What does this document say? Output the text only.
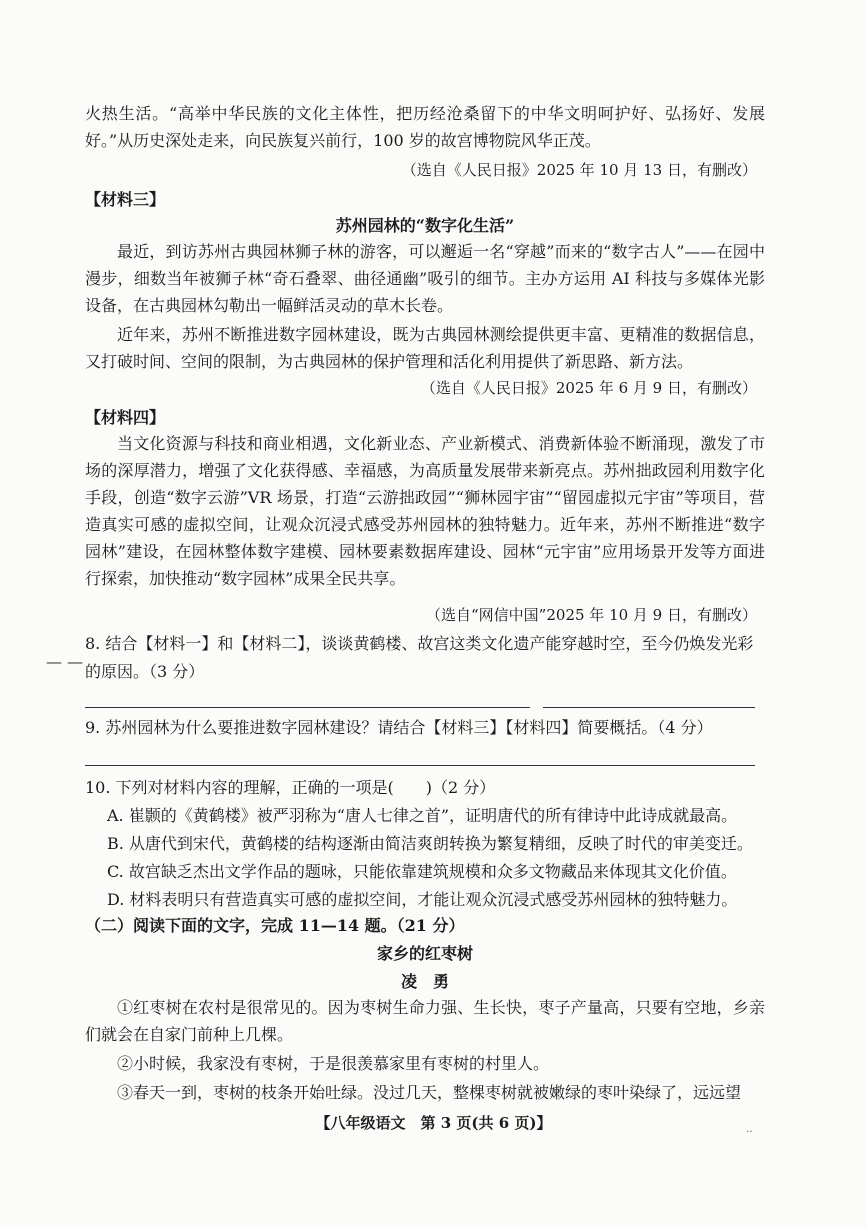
火热生活。“高举中华民族的文化主体性，把历经沧桑留下的中华文明呵护好、弘扬好、发展好。”从历史深处走来，向民族复兴前行，100 岁的故宫博物院风华正茂。

（选自《人民日报》2025 年 10 月 13 日，有删改）
【材料三】
苏州园林的“数字化生活”

最近，到访苏州古典园林狮子林的游客，可以邂逅一名“穿越”而来的“数字古人”——在园中漫步，细数当年被狮子林“奇石叠翠、曲径通幽”吸引的细节。主办方运用 AI 科技与多媒体光影设备，在古典园林勾勒出一幅鲜活灵动的草木长卷。

近年来，苏州不断推进数字园林建设，既为古典园林测绘提供更丰富、更精准的数据信息，又打破时间、空间的限制，为古典园林的保护管理和活化利用提供了新思路、新方法。

（选自《人民日报》2025 年 6 月 9 日，有删改）
【材料四】

当文化资源与科技和商业相遇，文化新业态、产业新模式、消费新体验不断涌现，激发了市场的深厚潜力，增强了文化获得感、幸福感，为高质量发展带来新亮点。苏州拙政园利用数字化手段，创造“数字云游”VR 场景，打造“云游拙政园”“狮林园宇宙”“留园虚拟元宇宙”等项目，营造真实可感的虚拟空间，让观众沉浸式感受苏州园林的独特魅力。近年来，苏州不断推进“数字园林”建设，在园林整体数字建模、园林要素数据库建设、园林“元宇宙”应用场景开发等方面进行探索，加快推动“数字园林”成果全民共享。

（选自“网信中国”2025 年 10 月 9 日，有删改）
8. 结合【材料一】和【材料二】，谈谈黄鹤楼、故宫这类文化遗产能穿越时空，至今仍焕发光彩的原因。（3 分）
— —
9. 苏州园林为什么要推进数字园林建设？请结合【材料三】【材料四】简要概括。（4 分）
10. 下列对材料内容的理解，正确的一项是(　　)（2 分）
A. 崔颢的《黄鹤楼》被严羽称为“唐人七律之首”，证明唐代的所有律诗中此诗成就最高。
B. 从唐代到宋代，黄鹤楼的结构逐渐由简洁爽朗转换为繁复精细，反映了时代的审美变迁。
C. 故宫缺乏杰出文学作品的题咏，只能依靠建筑规模和众多文物藏品来体现其文化价值。
D. 材料表明只有营造真实可感的虚拟空间，才能让观众沉浸式感受苏州园林的独特魅力。
（二）阅读下面的文字，完成 11—14 题。（21 分）
家乡的红枣树
凌　勇

①红枣树在农村是很常见的。因为枣树生命力强、生长快，枣子产量高，只要有空地，乡亲们就会在自家门前种上几棵。

②小时候，我家没有枣树，于是很羡慕家里有枣树的村里人。

③春天一到，枣树的枝条开始吐绿。没过几天，整棵枣树就被嫩绿的枣叶染绿了，远远望

【八年级语文　第 3 页(共 6 页)】	‥
